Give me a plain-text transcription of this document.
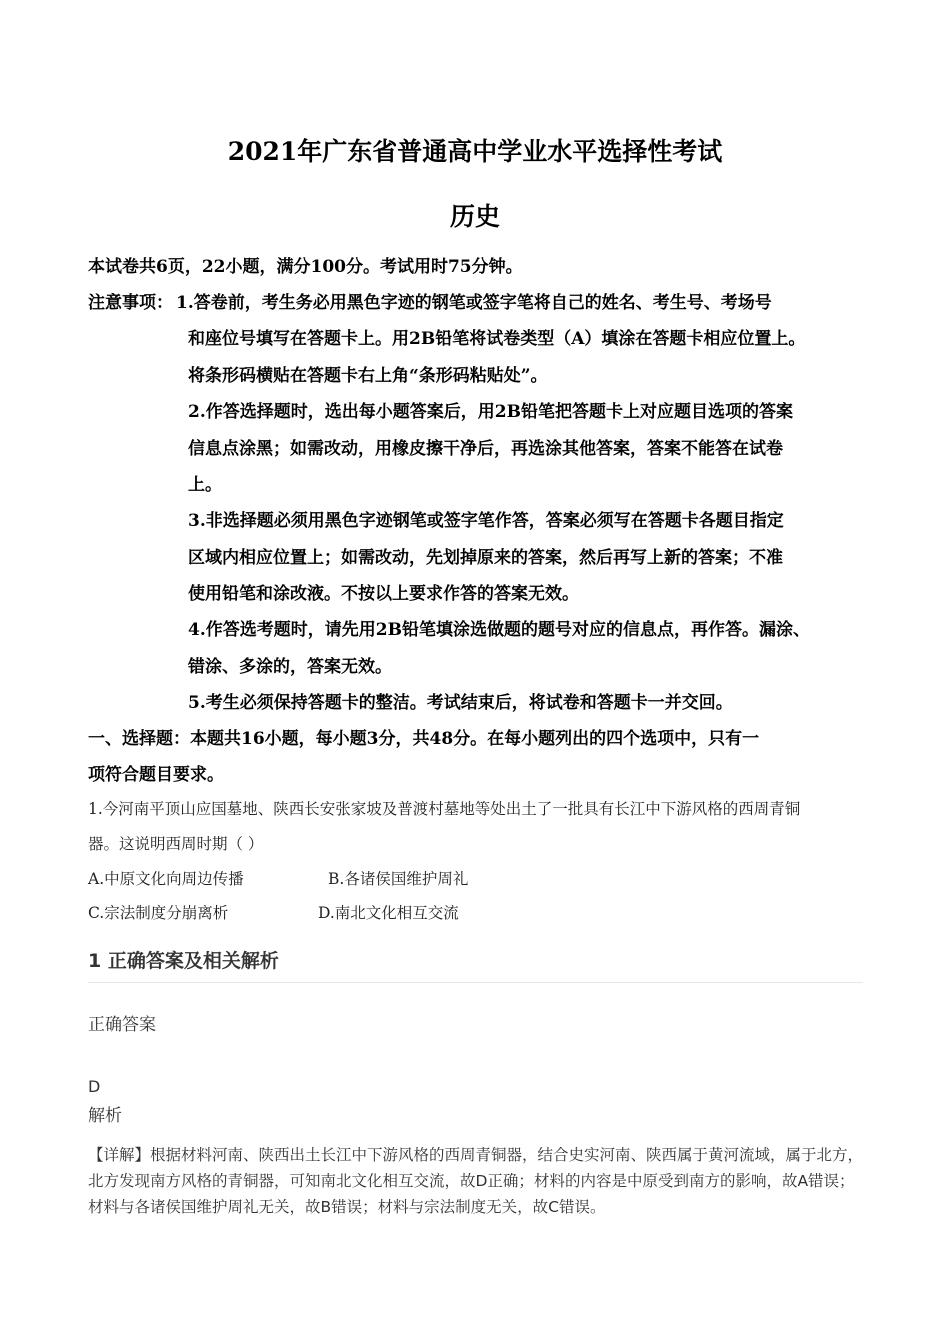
2021年广东省普通高中学业水平选择性考试
历史
本试卷共6页，22小题，满分100分。考试用时75分钟。
注意事项： 1.答卷前，考生务必用黑色字迹的钢笔或签字笔将自己的姓名、考生号、考场号
和座位号填写在答题卡上。用2B铅笔将试卷类型（A）填涂在答题卡相应位置上。
将条形码横贴在答题卡右上角“条形码粘贴处”。
2.作答选择题时，选出每小题答案后，用2B铅笔把答题卡上对应题目选项的答案
信息点涂黑；如需改动，用橡皮擦干净后，再选涂其他答案，答案不能答在试卷
上。
3.非选择题必须用黑色字迹钢笔或签字笔作答，答案必须写在答题卡各题目指定
区域内相应位置上；如需改动，先划掉原来的答案，然后再写上新的答案；不准
使用铅笔和涂改液。不按以上要求作答的答案无效。
4.作答选考题时，请先用2B铅笔填涂选做题的题号对应的信息点，再作答。漏涂、
错涂、多涂的，答案无效。
5.考生必须保持答题卡的整洁。考试结束后，将试卷和答题卡一并交回。
一、选择题：本题共16小题，每小题3分，共48分。在每小题列出的四个选项中，只有一
项符合题目要求。
1.今河南平顶山应国墓地、陕西长安张家坡及普渡村墓地等处出土了一批具有长江中下游风格的西周青铜
器。这说明西周时期（ ）
A.中原文化向周边传播	B.各诸侯国维护周礼
C.宗法制度分崩离析	D.南北文化相互交流
1 正确答案及相关解析
正确答案
D
解析
【详解】根据材料河南、陕西出土长江中下游风格的西周青铜器，结合史实河南、陕西属于黄河流域，属于北方，北方发现南方风格的青铜器，可知南北文化相互交流，故D正确；材料的内容是中原受到南方的影响，故A错误；材料与各诸侯国维护周礼无关，故B错误；材料与宗法制度无关，故C错误。
